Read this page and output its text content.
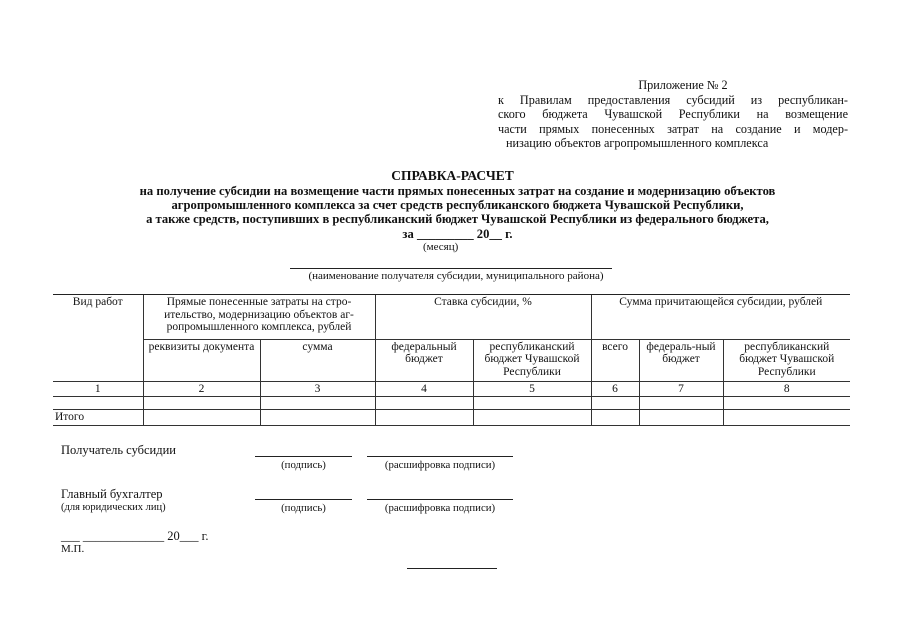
Приложение № 2
к Правилам предоставления субсидий из республикан-
ского бюджета Чувашской Республики на возмещение
части прямых понесенных затрат на создание и модер-
низацию объектов агропромышленного комплекса
СПРАВКА-РАСЧЕТ
на получение субсидии на возмещение части прямых понесенных затрат на создание и модернизацию объектов
агропромышленного комплекса за счет средств республиканского бюджета Чувашской Республики,
а также средств, поступивших в республиканский бюджет Чувашской Республики из федерального бюджета,
за _________ 20__ г.
(месяц)
(наименование получателя субсидии, муниципального района)
Вид работ	Прямые понесенные затраты на стро-ительство, модернизацию объектов аг-ропромышленного комплекса, рублей		Ставка субсидии, %		Сумма причитающейся субсидии, рублей		
	реквизиты документа	сумма	федеральный бюджет	республиканский бюджет Чувашской Республики	всего	федераль-ный бюджет	республиканский бюджет Чувашской Республики
1	2	3	4	5	6	7	8

Итого							
Получатель субсидии
(подпись)	(расшифровка подписи)
Главный бухгалтер
(для юридических лиц)	(подпись)	(расшифровка подписи)
___ _____________ 20___ г.
М.П.
